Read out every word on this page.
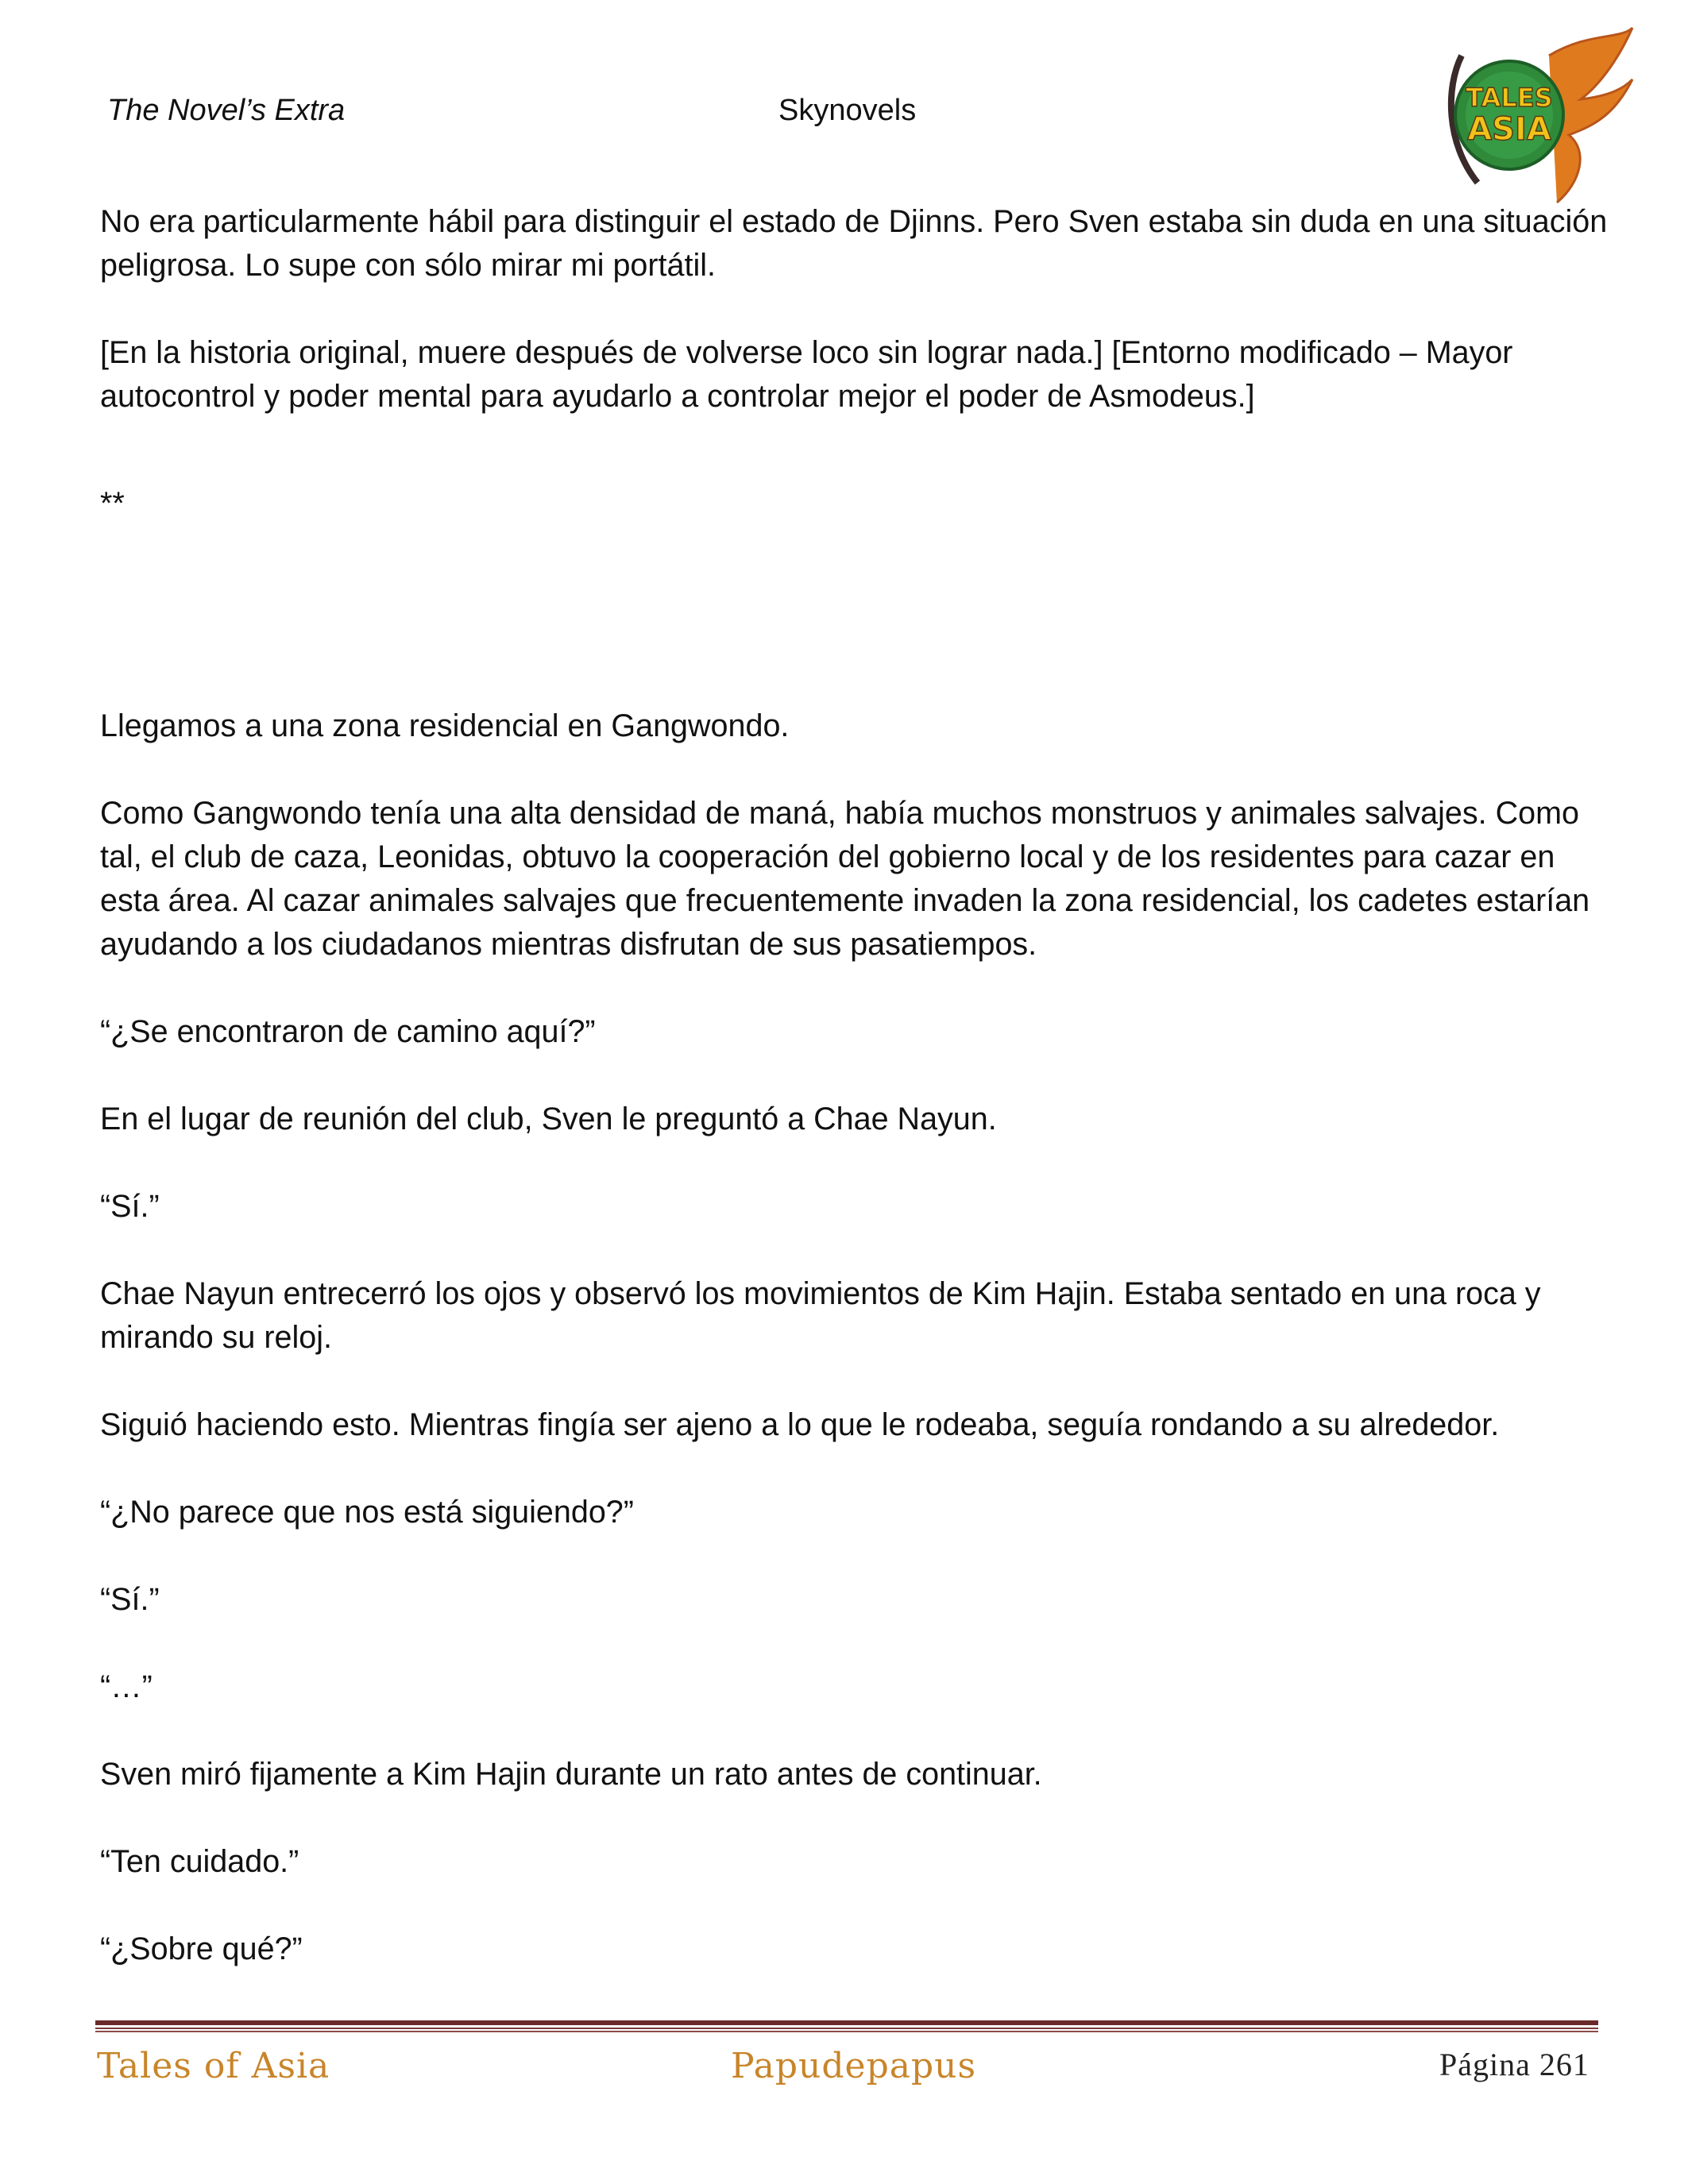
The Novel’s Extra	Skynovels	TALES
ASIA

No era particularmente hábil para distinguir el estado de Djinns. Pero Sven estaba sin duda en una situación peligrosa. Lo supe con sólo mirar mi portátil.

[En la historia original, muere después de volverse loco sin lograr nada.] [Entorno modificado – Mayor autocontrol y poder mental para ayudarlo a controlar mejor el poder de Asmodeus.]

**

Llegamos a una zona residencial en Gangwondo.

Como Gangwondo tenía una alta densidad de maná, había muchos monstruos y animales salvajes. Como tal, el club de caza, Leonidas, obtuvo la cooperación del gobierno local y de los residentes para cazar en esta área. Al cazar animales salvajes que frecuentemente invaden la zona residencial, los cadetes estarían ayudando a los ciudadanos mientras disfrutan de sus pasatiempos.

“¿Se encontraron de camino aquí?”

En el lugar de reunión del club, Sven le preguntó a Chae Nayun.

“Sí.”

Chae Nayun entrecerró los ojos y observó los movimientos de Kim Hajin. Estaba sentado en una roca y mirando su reloj.

Siguió haciendo esto. Mientras fingía ser ajeno a lo que le rodeaba, seguía rondando a su alrededor.

“¿No parece que nos está siguiendo?”

“Sí.”

“…”

Sven miró fijamente a Kim Hajin durante un rato antes de continuar.

“Ten cuidado.”

“¿Sobre qué?”

Tales of Asia	Papudepapus	Página 261
